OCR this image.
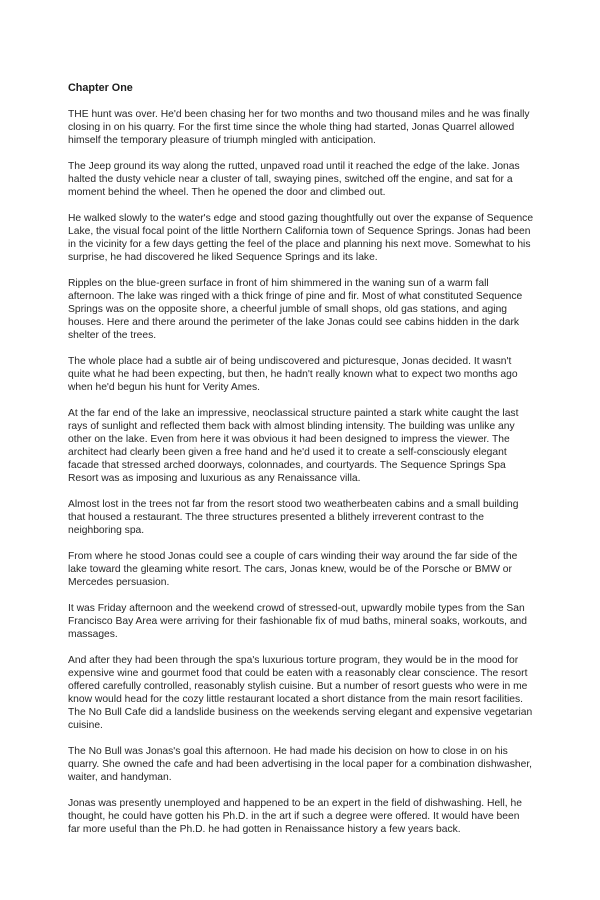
Chapter One

THE hunt was over. He'd been chasing her for two months and two thousand miles and he was finally closing in on his quarry. For the first time since the whole thing had started, Jonas Quarrel allowed himself the temporary pleasure of triumph mingled with anticipation.

The Jeep ground its way along the rutted, unpaved road until it reached the edge of the lake. Jonas halted the dusty vehicle near a cluster of tall, swaying pines, switched off the engine, and sat for a moment behind the wheel. Then he opened the door and climbed out.

He walked slowly to the water's edge and stood gazing thoughtfully out over the expanse of Sequence Lake, the visual focal point of the little Northern California town of Sequence Springs. Jonas had been in the vicinity for a few days getting the feel of the place and planning his next move. Somewhat to his surprise, he had discovered he liked Sequence Springs and its lake.

Ripples on the blue-green surface in front of him shimmered in the waning sun of a warm fall afternoon. The lake was ringed with a thick fringe of pine and fir. Most of what constituted Sequence Springs was on the opposite shore, a cheerful jumble of small shops, old gas stations, and aging houses. Here and there around the perimeter of the lake Jonas could see cabins hidden in the dark shelter of the trees.

The whole place had a subtle air of being undiscovered and picturesque, Jonas decided. It wasn't quite what he had been expecting, but then, he hadn't really known what to expect two months ago when he'd begun his hunt for Verity Ames.

At the far end of the lake an impressive, neoclassical structure painted a stark white caught the last rays of sunlight and reflected them back with almost blinding intensity. The building was unlike any other on the lake. Even from here it was obvious it had been designed to impress the viewer. The architect had clearly been given a free hand and he'd used it to create a self-consciously elegant facade that stressed arched doorways, colonnades, and courtyards. The Sequence Springs Spa Resort was as imposing and luxurious as any Renaissance villa.

Almost lost in the trees not far from the resort stood two weatherbeaten cabins and a small building that housed a restaurant. The three structures presented a blithely irreverent contrast to the neighboring spa.

From where he stood Jonas could see a couple of cars winding their way around the far side of the lake toward the gleaming white resort. The cars, Jonas knew, would be of the Porsche or BMW or Mercedes persuasion.

It was Friday afternoon and the weekend crowd of stressed-out, upwardly mobile types from the San Francisco Bay Area were arriving for their fashionable fix of mud baths, mineral soaks, workouts, and massages.

And after they had been through the spa's luxurious torture program, they would be in the mood for expensive wine and gourmet food that could be eaten with a reasonably clear conscience. The resort offered carefully controlled, reasonably stylish cuisine. But a number of resort guests who were in me know would head for the cozy little restaurant located a short distance from the main resort facilities. The No Bull Cafe did a landslide business on the weekends serving elegant and expensive vegetarian cuisine.

The No Bull was Jonas's goal this afternoon. He had made his decision on how to close in on his quarry. She owned the cafe and had been advertising in the local paper for a combination dishwasher, waiter, and handyman.

Jonas was presently unemployed and happened to be an expert in the field of dishwashing. Hell, he thought, he could have gotten his Ph.D. in the art if such a degree were offered. It would have been far more useful than the Ph.D. he had gotten in Renaissance history a few years back.
